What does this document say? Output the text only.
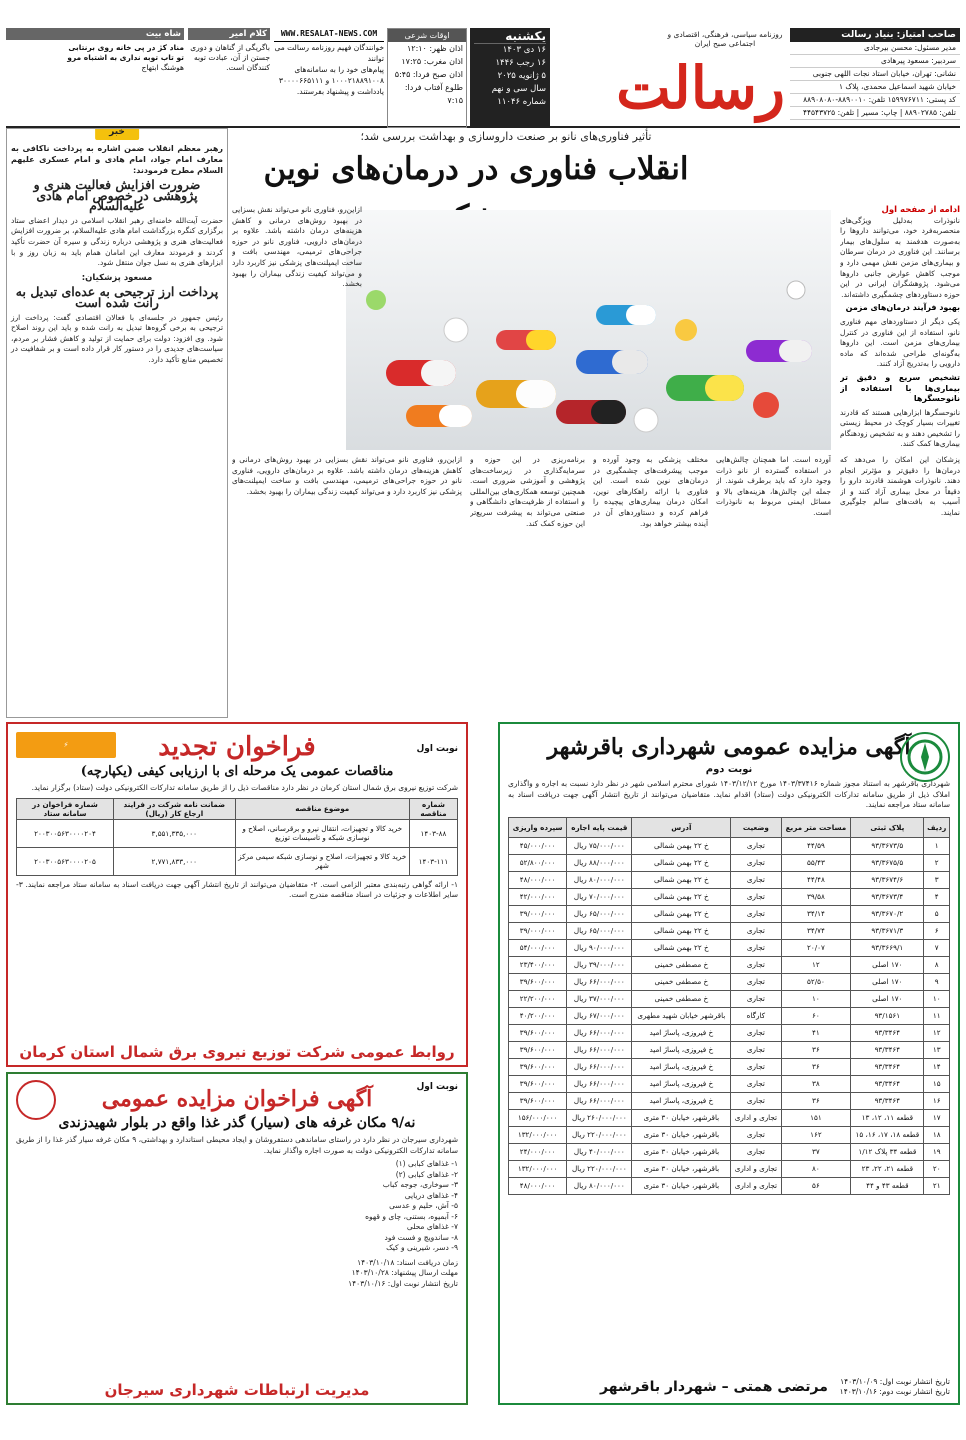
صاحب امتیاز: بنیاد رسالت
مدیر مسئول: محسن بیرجادی
سردبیر: مسعود پیرهادی
نشانی: تهران، خیابان استاد نجات اللهی جنوبی
خیابان شهید اسماعیل محمدی، پلاک ۱
کد پستی: ۱۵۹۹۷۶۷۱۱ تلفن: ۸۸۹۰۰۱۰-۸۸۹۰۸۰۸۰
تلفن: ۸۸۹۰۲۷۸۵ | چاپ: مسیر | تلفن: ۴۴۵۴۳۷۲۵
روزنامه سیاسی، فرهنگی، اقتصادی و اجتماعی صبح ایران
رسالت
یکشنبه
۱۶ دی ۱۴۰۳
۱۶ رجب ۱۴۴۶
۵ ژانویه ۲۰۲۵
سال سی و نهم
شماره ۱۱۰۴۶
اوقات شرعی
اذان ظهر: ۱۲:۱۰
اذان مغرب: ۱۷:۲۵
اذان صبح فردا: ۵:۴۵
طلوع آفتاب فردا: ۷:۱۵
WWW.RESALAT-NEWS.COM
خوانندگان فهیم روزنامه رسالت می توانند
پیام‌های خود را به سامانه‌های
۱۰۰۰۲۱۸۸۹۱۰۰۸ و ۳۰۰۰۰۶۶۵۱۱۱
یادداشت و پیشنهاد بفرستند.
کلام امیر
باگریگی از گناهان و دوری جستن از آن، عبادت توبه کنندگان است.
شاه بیت
مناد کژ در پی خانه روی برنتابی
تو تاب توبه نداری به اشتباه مرو
هوشنگ ابتهاج
تأثیر فناوری‌های نانو بر صنعت داروسازی و بهداشت بررسی شد؛
انقلاب فناوری در درمان‌های نوین
ادامه از صفحه اول
نانوذرات به‌دلیل ویژگی‌های منحصربه‌فرد خود، می‌توانند داروها را به‌صورت هدفمند به سلول‌های بیمار برسانند. این فناوری در درمان سرطان و بیماری‌های مزمن نقش مهمی دارد و موجب کاهش عوارض جانبی داروها می‌شود. پژوهشگران ایرانی در این حوزه دستاوردهای چشمگیری داشته‌اند.
بهبود فرآیند درمان‌های مزمن
یکی دیگر از دستاوردهای مهم فناوری نانو، استفاده از این فناوری در کنترل بیماری‌های مزمن است. این داروها به‌گونه‌ای طراحی شده‌اند که ماده دارویی را به‌تدریج آزاد کنند.
تشخیص سریع و دقیق تر بیماری‌ها با استفاده از نانوحسگرها
نانوحسگرها ابزارهایی هستند که قادرند تغییرات بسیار کوچک در محیط زیستی را تشخیص دهند و به تشخیص زودهنگام بیماری‌ها کمک کنند.
ازاین‌رو، فناوری نانو می‌تواند نقش بسزایی در بهبود روش‌های درمانی و کاهش هزینه‌های درمان داشته باشد. علاوه بر درمان‌های دارویی، فناوری نانو در حوزه جراحی‌های ترمیمی، مهندسی بافت و ساخت ایمپلنت‌های پزشکی نیز کاربرد دارد و می‌تواند کیفیت زندگی بیماران را بهبود بخشد.
پزشکان این امکان را می‌دهد که درمان‌ها را دقیق‌تر و مؤثرتر انجام دهند. نانوذرات هوشمند قادرند دارو را دقیقاً در محل بیماری آزاد کنند و از آسیب به بافت‌های سالم جلوگیری نمایند.
آورده است. اما همچنان چالش‌هایی در استفاده گسترده از نانو ذرات وجود دارد که باید برطرف شوند. از جمله این چالش‌ها، هزینه‌های بالا و مسائل ایمنی مربوط به نانوذرات است.
مختلف پزشکی به وجود آورده و موجب پیشرفت‌های چشمگیری در درمان‌های نوین شده است. این فناوری با ارائه راهکارهای نوین، امکان درمان بیماری‌های پیچیده را فراهم کرده و دستاوردهای آن در آینده بیشتر خواهد بود.
برنامه‌ریزی در این حوزه و سرمایه‌گذاری در زیرساخت‌های پژوهشی و آموزشی ضروری است. همچنین توسعه همکاری‌های بین‌المللی و استفاده از ظرفیت‌های دانشگاهی و صنعتی می‌تواند به پیشرفت سریع‌تر این حوزه کمک کند.
ازاین‌رو، فناوری نانو می‌تواند نقش بسزایی در بهبود روش‌های درمانی و کاهش هزینه‌های درمان داشته باشد. علاوه بر درمان‌های دارویی، فناوری نانو در حوزه جراحی‌های ترمیمی، مهندسی بافت و ساخت ایمپلنت‌های پزشکی نیز کاربرد دارد و می‌تواند کیفیت زندگی بیماران را بهبود بخشد.
خبر
رهبر معظم انقلاب ضمن اشاره به پرداخت ناکافی به معارف امام جواد، امام هادی و امام عسکری علیهم السلام مطرح فرمودند:
ضرورت افزایش فعالیت هنری و پژوهشی در خصوص امام هادی علیه‌السلام
حضرت آیت‌الله خامنه‌ای رهبر انقلاب اسلامی در دیدار اعضای ستاد برگزاری کنگره بزرگداشت امام هادی علیه‌السلام، بر ضرورت افزایش فعالیت‌های هنری و پژوهشی درباره زندگی و سیره آن حضرت تأکید کردند و فرمودند معارف این امامان همام باید به زبان روز و با ابزارهای هنری به نسل جوان منتقل شود.
مسعود پزشکیان:
پرداخت ارز ترجیحی به عده‌ای تبدیل به رانت شده است
رئیس جمهور در جلسه‌ای با فعالان اقتصادی گفت: پرداخت ارز ترجیحی به برخی گروه‌ها تبدیل به رانت شده و باید این روند اصلاح شود. وی افزود: دولت برای حمایت از تولید و کاهش فشار بر مردم، سیاست‌های جدیدی را در دستور کار قرار داده است و بر شفافیت در تخصیص منابع تأکید دارد.
آگهی مزایده عمومی شهرداری باقرشهر
نوبت دوم
شهرداری باقرشهر به استناد مجوز شماره ۱۴۰۳/۳۷۴۱۶ مورخ ۱۴۰۳/۱۲/۱۲ شورای محترم اسلامی شهر در نظر دارد نسبت به اجاره و واگذاری املاک ذیل از طریق سامانه تدارکات الکترونیکی دولت (ستاد) اقدام نماید. متقاضیان می‌توانند از تاریخ انتشار آگهی جهت دریافت اسناد به سامانه ستاد مراجعه نمایند.
ردیف	پلاک ثبتی	مساحت متر مربع	وضعیت	آدرس	قیمت پایه اجاره	سپرده واریزی
۱	۹۳/۳۶۷۳/۵	۴۴/۵۹	تجاری	خ ۲۲ بهمن شمالی	۷۵/۰۰۰/۰۰۰ ریال	۴۵/۰۰۰/۰۰۰
۲	۹۳/۳۶۷۵/۵	۵۵/۴۳	تجاری	خ ۲۲ بهمن شمالی	۸۸/۰۰۰/۰۰۰ ریال	۵۲/۸۰۰/۰۰۰
۳	۹۳/۳۶۷۴/۶	۴۴/۴۸	تجاری	خ ۲۲ بهمن شمالی	۸۰/۰۰۰/۰۰۰ ریال	۴۸/۰۰۰/۰۰۰
۴	۹۳/۳۶۷۳/۴	۳۹/۵۸	تجاری	خ ۲۲ بهمن شمالی	۷۰/۰۰۰/۰۰۰ ریال	۴۲/۰۰۰/۰۰۰
۵	۹۳/۳۶۷۰/۲	۳۴/۱۴	تجاری	خ ۲۲ بهمن شمالی	۶۵/۰۰۰/۰۰۰ ریال	۳۹/۰۰۰/۰۰۰
۶	۹۳/۳۶۷۱/۳	۳۴/۷۴	تجاری	خ ۲۲ بهمن شمالی	۶۵/۰۰۰/۰۰۰ ریال	۳۹/۰۰۰/۰۰۰
۷	۹۳/۳۶۶۹/۱	۲۰/۰۷	تجاری	خ ۲۲ بهمن شمالی	۹۰/۰۰۰/۰۰۰ ریال	۵۴/۰۰۰/۰۰۰
۸	۱۷۰ اصلی	۱۲	تجاری	خ مصطفی خمینی	۳۹/۰۰۰/۰۰۰ ریال	۲۳/۴۰۰/۰۰۰
۹	۱۷۰ اصلی	۵۲/۵۰	تجاری	خ مصطفی خمینی	۶۶/۰۰۰/۰۰۰ ریال	۳۹/۶۰۰/۰۰۰
۱۰	۱۷۰ اصلی	۱۰	تجاری	خ مصطفی خمینی	۳۷/۰۰۰/۰۰۰ ریال	۲۲/۲۰۰/۰۰۰
۱۱	۹۳/۱۵۶۱	۶۰	کارگاه	باقرشهر خیابان شهید مطهری	۶۷/۰۰۰/۰۰۰ ریال	۴۰/۲۰۰/۰۰۰
۱۲	۹۳/۳۴۶۴	۴۱	تجاری	خ فیروزی، پاساژ امید	۶۶/۰۰۰/۰۰۰ ریال	۳۹/۶۰۰/۰۰۰
۱۳	۹۳/۳۴۶۴	۳۶	تجاری	خ فیروزی، پاساژ امید	۶۶/۰۰۰/۰۰۰ ریال	۳۹/۶۰۰/۰۰۰
۱۴	۹۳/۳۴۶۴	۳۶	تجاری	خ فیروزی، پاساژ امید	۶۶/۰۰۰/۰۰۰ ریال	۳۹/۶۰۰/۰۰۰
۱۵	۹۳/۳۴۶۴	۳۸	تجاری	خ فیروزی، پاساژ امید	۶۶/۰۰۰/۰۰۰ ریال	۳۹/۶۰۰/۰۰۰
۱۶	۹۳/۳۴۶۴	۳۶	تجاری	خ فیروزی، پاساژ امید	۶۶/۰۰۰/۰۰۰ ریال	۳۹/۶۰۰/۰۰۰
۱۷	قطعه ۱۱، ۱۲، ۱۳	۱۵۱	تجاری و اداری	باقرشهر، خیابان ۳۰ متری	۲۶۰/۰۰۰/۰۰۰ ریال	۱۵۶/۰۰۰/۰۰۰
۱۸	قطعه ۱۸، ۱۷، ۱۶، ۱۵	۱۶۲	تجاری	باقرشهر، خیابان ۳۰ متری	۲۲۰/۰۰۰/۰۰۰ ریال	۱۳۲/۰۰۰/۰۰۰
۱۹	قطعه ۳۴ پلاک ۱/۱۲	۳۷	تجاری	باقرشهر، خیابان ۳۰ متری	۴۰/۰۰۰/۰۰۰ ریال	۲۴/۰۰۰/۰۰۰
۲۰	قطعه ۲۱، ۲۲، ۲۳	۸۰	تجاری و اداری	باقرشهر، خیابان ۳۰ متری	۲۲۰/۰۰۰/۰۰۰ ریال	۱۳۲/۰۰۰/۰۰۰
۲۱	قطعه ۴۳ و ۴۴	۵۶	تجاری و اداری	باقرشهر، خیابان ۳۰ متری	۸۰/۰۰۰/۰۰۰ ریال	۴۸/۰۰۰/۰۰۰
تاریخ انتشار نوبت اول: ۱۴۰۳/۱۰/۰۹
تاریخ انتشار نوبت دوم: ۱۴۰۳/۱۰/۱۶
مرتضی همتی – شهردار باقرشهر
نوبت اول
⚡	فراخوان تجدید
مناقصات عمومی یک مرحله ای با ارزیابی کیفی (یکپارچه)
شرکت توزیع نیروی برق شمال استان کرمان در نظر دارد مناقصات ذیل را از طریق سامانه تدارکات الکترونیکی دولت (ستاد) برگزار نماید.
شماره مناقصه	موضوع مناقصه	ضمانت نامه شرکت در فرایند ارجاع کار (ریال)	شماره فراخوان در سامانه ستاد
۱۴۰۳-۸۸	خرید کالا و تجهیزات، انتقال نیرو و برقرسانی، اصلاح و نوسازی شبکه و تاسیسات توزیع	۳,۵۵۱,۳۳۵,۰۰۰	۲۰۰۳۰۰۵۶۳۰۰۰۰۲۰۴
۱۴۰۳-۱۱۱	خرید کالا و تجهیزات، اصلاح و نوسازی شبکه سیمی مرکز شهر	۲,۷۷۱,۸۳۳,۰۰۰	۲۰۰۳۰۰۵۶۳۰۰۰۰۲۰۵
۱- ارائه گواهی رتبه‌بندی معتبر الزامی است. ۲- متقاضیان می‌توانند از تاریخ انتشار آگهی جهت دریافت اسناد به سامانه ستاد مراجعه نمایند. ۳- سایر اطلاعات و جزئیات در اسناد مناقصه مندرج است.
روابط عمومی شرکت توزیع نیروی برق شمال استان کرمان
نوبت اول
آگهی فراخوان مزایده عمومی
نه/۹ مکان غرفه های (سیار) گذر غذا واقع در بلوار شهیدزندی
شهرداری سیرجان در نظر دارد در راستای ساماندهی دستفروشان و ایجاد محیطی استاندارد و بهداشتی، ۹ مکان غرفه سیار گذر غذا را از طریق سامانه تدارکات الکترونیکی دولت به صورت اجاره واگذار نماید.
۱- غذاهای کبابی (۱)
۲- غذاهای کبابی (۲)
۳- سوخاری، جوجه کباب
۴- غذاهای دریایی
۵- آش، حلیم و عدسی
۶- آبمیوه، بستنی، چای و قهوه
۷- غذاهای محلی
۸- ساندویچ و فست فود
۹- دسر، شیرینی و کیک
زمان دریافت اسناد: ۱۴۰۳/۱۰/۱۸
مهلت ارسال پیشنهاد: ۱۴۰۳/۱۰/۲۸
تاریخ انتشار نوبت اول: ۱۴۰۳/۱۰/۱۶
مدیریت ارتباطات شهرداری سیرجان
